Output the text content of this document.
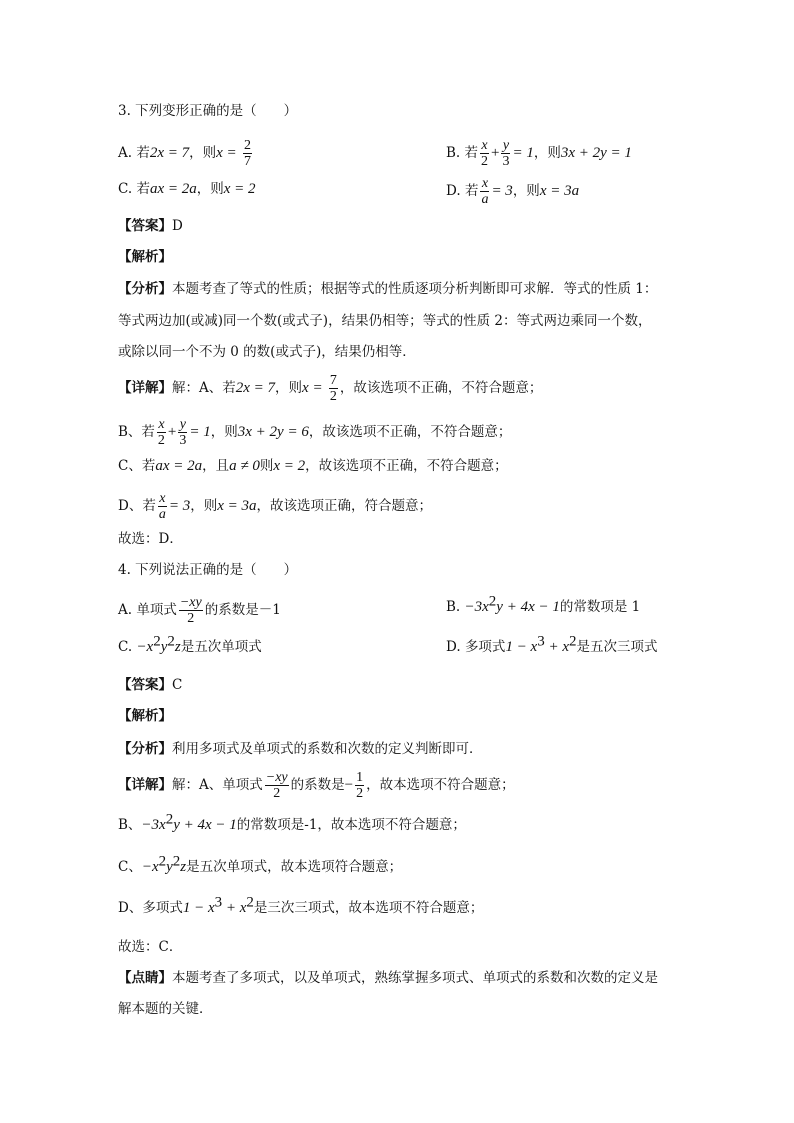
3. 下列变形正确的是（　　）
A. 若2x = 7，则$x = \frac{2}{7}$	B. 若 $\frac{x}{2} + \frac{y}{3} = 1$，则3x + 2y = 1
C. 若ax = 2a，则x = 2	D. 若 $\frac{x}{a} = 3$，则x = 3a
【答案】D
【解析】
【分析】本题考查了等式的性质；根据等式的性质逐项分析判断即可求解．等式的性质 1：
等式两边加(或减)同一个数(或式子)，结果仍相等；等式的性质 2：等式两边乘同一个数，
或除以同一个不为 0 的数(或式子)，结果仍相等．
【详解】解：A、若2x = 7，则$x = \frac{7}{2}$ ，故该选项不正确，不符合题意；
B、若 $\frac{x}{2} + \frac{y}{3} = 1$，则3x + 2y = 6，故该选项不正确，不符合题意；
C、若ax = 2a，且a ≠ 0则x = 2，故该选项不正确，不符合题意；
D、若 $\frac{x}{a} = 3$，则x = 3a，故该选项正确，符合题意；
故选：D．
4. 下列说法正确的是（　　）
A. 单项式 $\frac{-xy}{2}$ 的系数是－1	B. $-3x^2y + 4x - 1$的常数项是 1
C. $-x^2y^2z$是五次单项式	D. 多项式$1 - x^3 + x^2$是五次三项式
【答案】C
【解析】
【分析】利用多项式及单项式的系数和次数的定义判断即可．
【详解】解：A、单项式 $\frac{-xy}{2}$ 的系数是− $\frac{1}{2}$ ，故本选项不符合题意；
B、$-3x^2y + 4x - 1$的常数项是-1，故本选项不符合题意；
C、$-x^2y^2z$是五次单项式，故本选项符合题意；
D、多项式$1 - x^3 + x^2$是三次三项式，故本选项不符合题意；
故选：C．
【点睛】本题考查了多项式，以及单项式，熟练掌握多项式、单项式的系数和次数的定义是
解本题的关键．
